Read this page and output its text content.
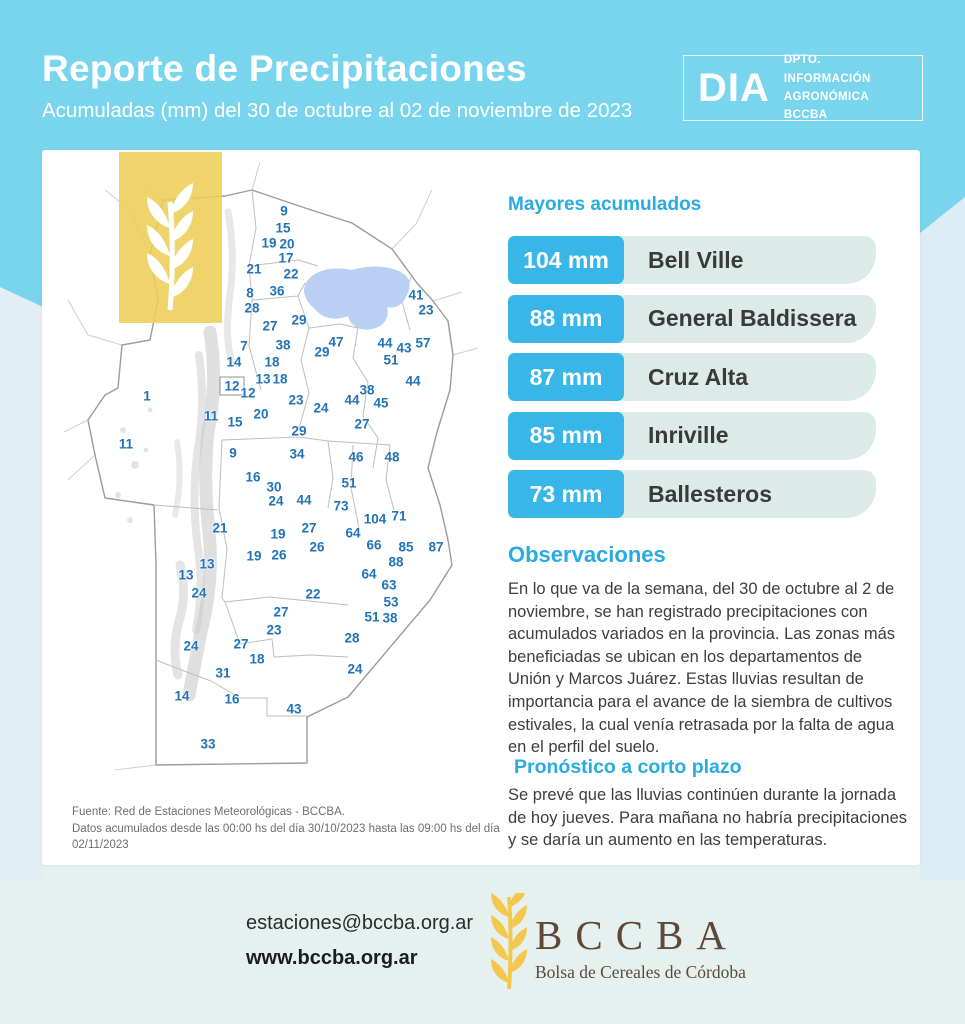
Reporte de Precipitaciones
Acumuladas (mm) del 30 de octubre al 02 de noviembre de 2023
DIA
DPTO. INFORMACIÓN
AGRONÓMICA BCCBA
9
15
19 20
17
21 22
8 36	41
28	23
29
27
7 38	47
29
44 43 57
51
14 18
13 18	44
12 12
1	38
23	44 45
24
11	20
15	27
29
11
9	34	46 48
16
30	51
24 44 73
104 71
21	19 27 64
66 85 87
26
19 26	88
13
13	64
24
63
22
53
27	51 38
23
28
24	27
18
24
31
14	16
43
33
Mayores acumulados
104 mm	Bell Ville
88 mm	General Baldissera
87 mm	Cruz Alta
85 mm	Inriville
73 mm	Ballesteros
Observaciones
En lo que va de la semana, del 30 de octubre al 2 de noviembre, se han registrado precipitaciones con acumulados variados en la provincia. Las zonas más beneficiadas se ubican en los departamentos de Unión y Marcos Juárez. Estas lluvias resultan de importancia para el avance de la siembra de cultivos estivales, la cual venía retrasada por la falta de agua en el perfil del suelo.
Pronóstico a corto plazo
Se prevé que las lluvias continúen durante la jornada de hoy jueves. Para mañana no habría precipitaciones y se daría un aumento en las temperaturas.
Fuente: Red de Estaciones Meteorológicas - BCCBA.
Datos acumulados desde las 00:00 hs del día 30/10/2023 hasta las 09:00 hs del día 02/11/2023
estaciones@bccba.org.ar
www.bccba.org.ar	BCCBA
Bolsa de Cereales de Córdoba
